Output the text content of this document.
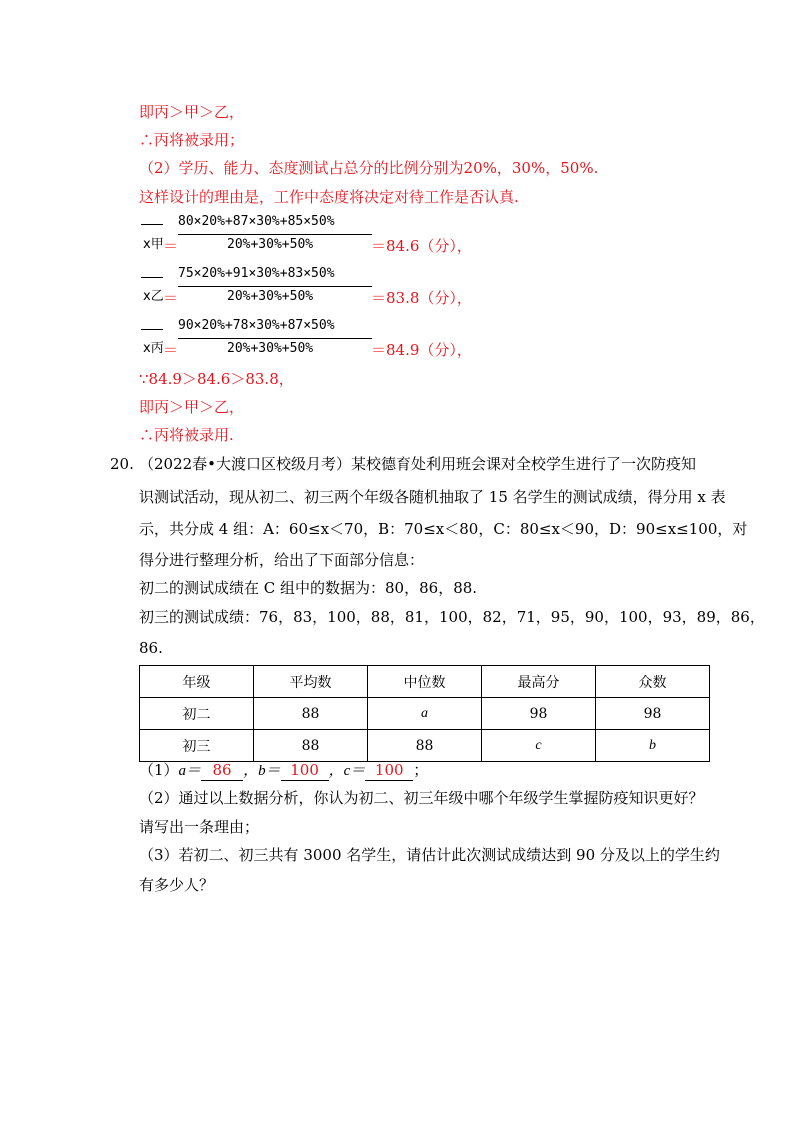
即丙＞甲＞乙，
∴丙将被录用；
（2）学历、能力、态度测试占总分的比例分别为20%，30%，50%.
这样设计的理由是，工作中态度将决定对待工作是否认真.
x甲 ＝
80×20%+87×30%+85×50%
20%+30%+50%	＝84.6（分），
x乙 ＝
75×20%+91×30%+83×50%
20%+30%+50%	＝83.8（分），
x丙 ＝
90×20%+78×30%+87×50%
20%+30%+50%	＝84.9（分），
∵84.9＞84.6＞83.8，
即丙＞甲＞乙，
∴丙将被录用.
20. （2022春•大渡口区校级月考）某校德育处利用班会课对全校学生进行了一次防疫知
识测试活动，现从初二、初三两个年级各随机抽取了 15 名学生的测试成绩，得分用 x 表
示，共分成 4 组：A：60≤x＜70，B：70≤x＜80，C：80≤x＜90，D：90≤x≤100，对
得分进行整理分析，给出了下面部分信息：
初二的测试成绩在 C 组中的数据为：80，86，88.
初三的测试成绩：76，83，100，88，81，100，82，71，95，90，100，93，89，86，
86.
年级	平均数	中位数	最高分	众数
初二	88	a	98	98
初三	88	88	c	b
（1）a＝ 86 ，b＝ 100 ，c＝ 100 ；
（2）通过以上数据分析，你认为初二、初三年级中哪个年级学生掌握防疫知识更好？
请写出一条理由；
（3）若初二、初三共有 3000 名学生，请估计此次测试成绩达到 90 分及以上的学生约
有多少人？
